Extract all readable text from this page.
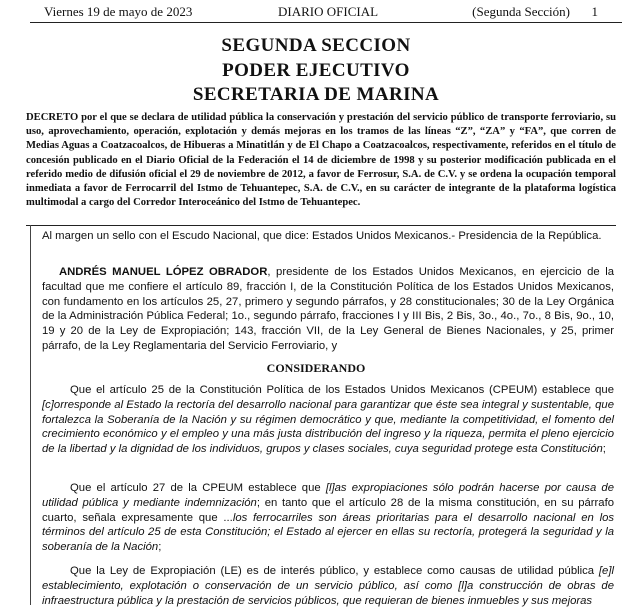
Viernes 19 de mayo de 2023	DIARIO OFICIAL	(Segunda Sección) 1
SEGUNDA SECCION
PODER EJECUTIVO
SECRETARIA DE MARINA
DECRETO por el que se declara de utilidad pública la conservación y prestación del servicio público de transporte ferroviario, su uso, aprovechamiento, operación, explotación y demás mejoras en los tramos de las líneas “Z”, “ZA” y “FA”, que corren de Medias Aguas a Coatzacoalcos, de Hibueras a Minatitlán y de El Chapo a Coatzacoalcos, respectivamente, referidos en el título de concesión publicado en el Diario Oficial de la Federación el 14 de diciembre de 1998 y su posterior modificación publicada en el referido medio de difusión oficial el 29 de noviembre de 2012, a favor de Ferrosur, S.A. de C.V. y se ordena la ocupación temporal inmediata a favor de Ferrocarril del Istmo de Tehuantepec, S.A. de C.V., en su carácter de integrante de la plataforma logística multimodal a cargo del Corredor Interoceánico del Istmo de Tehuantepec.
Al margen un sello con el Escudo Nacional, que dice: Estados Unidos Mexicanos.- Presidencia de la República.
  ANDRÉS MANUEL LÓPEZ OBRADOR, presidente de los Estados Unidos Mexicanos, en ejercicio de la facultad que me confiere el artículo 89, fracción I, de la Constitución Política de los Estados Unidos Mexicanos, con fundamento en los artículos 25, 27, primero y segundo párrafos, y 28 constitucionales; 30 de la Ley Orgánica de la Administración Pública Federal; 1o., segundo párrafo, fracciones I y III Bis, 2 Bis, 3o., 4o., 7o., 8 Bis, 9o., 10, 19 y 20 de la Ley de Expropiación; 143, fracción VII, de la Ley General de Bienes Nacionales, y 25, primer párrafo, de la Ley Reglamentaria del Servicio Ferroviario, y
CONSIDERANDO
Que el artículo 25 de la Constitución Política de los Estados Unidos Mexicanos (CPEUM) establece que [c]orresponde al Estado la rectoría del desarrollo nacional para garantizar que éste sea integral y sustentable, que fortalezca la Soberanía de la Nación y su régimen democrático y que, mediante la competitividad, el fomento del crecimiento económico y el empleo y una más justa distribución del ingreso y la riqueza, permita el pleno ejercicio de la libertad y la dignidad de los individuos, grupos y clases sociales, cuya seguridad protege esta Constitución;
Que el artículo 27 de la CPEUM establece que [l]as expropiaciones sólo podrán hacerse por causa de utilidad pública y mediante indemnización; en tanto que el artículo 28 de la misma constitución, en su párrafo cuarto, señala expresamente que ...los ferrocarriles son áreas prioritarias para el desarrollo nacional en los términos del artículo 25 de esta Constitución; el Estado al ejercer en ellas su rectoría, protegerá la seguridad y la soberanía de la Nación;
Que la Ley de Expropiación (LE) es de interés público, y establece como causas de utilidad pública [e]l establecimiento, explotación o conservación de un servicio público, así como [l]a construcción de obras de infraestructura pública y la prestación de servicios públicos, que requieran de bienes inmuebles y sus mejoras
